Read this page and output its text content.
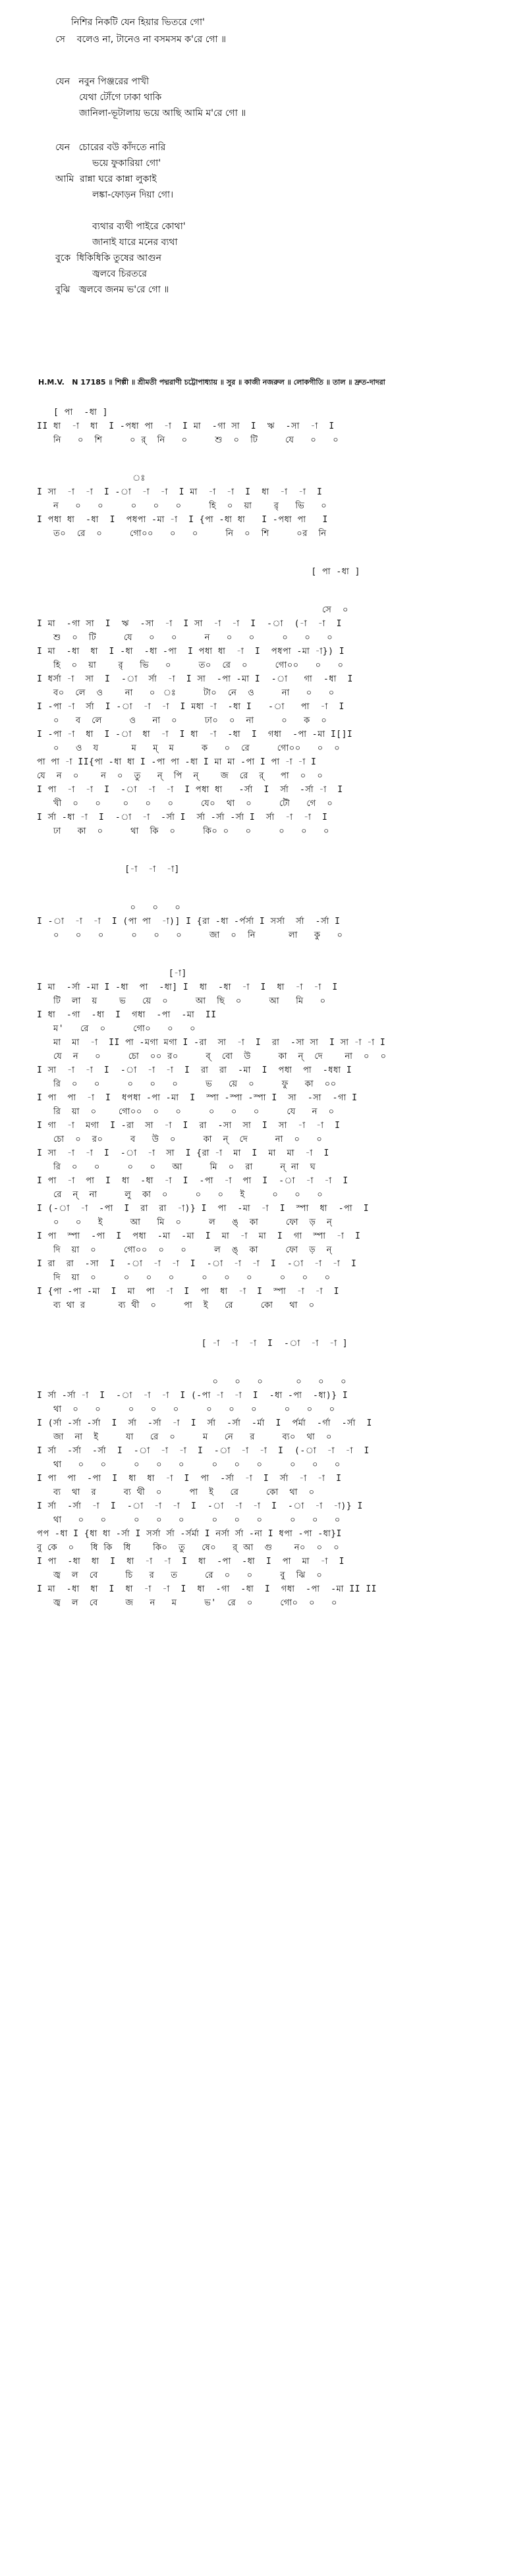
নিশির নিকটি যেন হিয়ার ভিতরে গো'
সে    বলেও না, টানেও না বসমসম ক'রে গো ॥
যেন   নবুন পিঞ্জরের পাখী
যেথা টোঁগে ঢাকা থাকি
জানিলা-ভূটালায় ভয়ে আছি আমি ম'রে গো ॥
যেন   চোরের বউ কাঁদতে নারি
ভয়ে ফুকারিয়া গো'
আমি  রান্না ঘরে কান্না লুকাই
লঙ্কা-ফোড়ন দিয়া গো।
ব্যথার ব্যথী পাইরে কোথা'
জানাই যারে মনের ব্যথা
বুকে  ধিকিধিকি তুষের আগুন
জ্বলবে চিরতরে
বুঝি   জ্বলবে জনম ভ'রে গো ॥
H.M.V.   N 17185 ॥ শিল্পী ॥ শ্রীমতী পদ্মরাণী চট্টোপাধ্যায় ॥ সুর ॥ কাজী নজরুল ॥ লোকগীতি ॥ তাল ॥ দ্রুত-দাদরা
[ পা  -ধা ]
II ধা  -া  ধা  I -পধা পা  -া  I মা  -গা সা  I  ঋ  -সা  -া  I
নি   ০  শি     ০ র্  নি   ০     শু  ০  টি     যে   ০   ০
ঃ
I সা  -া  -া  I -া  -া  -া  I মা  -া  -া  I  ধা  -া  -া  I
ন   ০   ০     ০   ০   ০     হি  ০  য়া    রৃ   ভি   ০
I পধা ধা  -ধা  I  পধপা -মা -া  I {পা -ধা ধা   I -পধা পা   I
ত০  রে  ০     গো০০   ০   ০     নি  ০  শি     ০র  নি
[ পা -ধা ]
সে  ০
I মা  -গা সা  I  ঋ  -সা  -া  I সা  -া  -া  I  -া  (-া  -া  I
শু  ০  টি     যে   ০   ০     ন   ০   ০     ০   ০   ০
I মা  -ধা  ধা  I -ধা  -ধা -পা  I পধা ধা  -া  I  পধপা -মা -া}) I
হি  ০  য়া    রৃ   ভি   ০     ত০  রে  ০     গো০০   ০   ০
I ধর্সা -া  সা  I  -া  র্সা  -া  I সা  -পা -মা I  -া   গা  -ধা  I
ব০  লে  ও    না   ০  ঃ     টা০  নে  ও     না   ০   ০
I -পা -া  র্সা  I -া  -া  -া  I মধা -া  -ধা I   -া   পা  -া  I
০   ব  লে     ও   না  ০     ঢা০  ০  না     ০   ক  ০
I -পা -া  ধা  I -া  ধা  -া  I ধা  -া  -ধা  I  গধা  -পা -মা I[]I
০   ও  য      ম   ম্  ম     ক   ০  রে     গো০০   ০  ০
পা পা -া II{পা -ধা ধা I -পা পা -ধা I মা মা -পা I পা -া -া I
যে  ন  ০    ন  ০  তু   ন্  পি  ন্    জ  রে  র্   পা  ০  ০
I পা  -া  -া  I  -া  -া  -া  I পধা ধা   -র্সা  I  র্সা  -র্সা -া  I
খী  ০   ০    ০   ০   ০     যে০  থা  ০     টৌ   গে  ০
I র্সা -ধা -া  I  -া  -া  -র্সা I  র্সা -র্সা -র্সা I  র্সা  -া  -া  I
ঢা   কা  ০     থা  কি  ০     কি০ ০   ০     ০   ০   ০
[-া  -া  -া]
০   ০   ০
I -া  -া  -া  I (পা পা  -া)] I {রা -ধা -র্পর্সা I সর্সা  র্সা  -র্সা I
০   ০   ০     ০   ০   ০     জা  ০  নি      লা   কু   ০
[-া]
I মা  -র্সা -মা I -ধা  পা  -ধা] I  ধা  -ধা  -া  I  ধা  -া  -া  I
টি  লা  য়    ভ   য়ে  ০     আ  ছি  ০     আ   মি   ০
I ধা  -গা  -ধা  I  গধা  -পা  -মা  II
ম'   রে  ০     গো০   ০   ০
মা  মা  -া  II পা -মগা মগা I -রা  সা  -া  I  রা  -সা সা  I সা -া -া I
যে  ন   ০     চো  ০০ র০     ব্  বো  উ     কা  ন্  দে    না  ০  ০
I সা  -া  -া  I  -া  -া  -া  I  রা  রা  -মা  I  পধা  পা  -ধধা I
রি  ০   ০     ০   ০   ০     ভ   য়ে  ০     ফু   কা  ০০
I পা  পা  -া  I  ধপধা -পা -মা  I  স্পা -স্পা -স্পা I  সা  -সা  -গা I
রি  য়া  ০    গো০০  ০   ০     ০   ০   ০     যে   ন  ০
I গা  -া  মগা  I -রা  সা  -া  I  রা  -সা  সা  I  সা  -া  -া  I
চো  ০  র০     ব   উ  ০     কা  ন্  দে     না  ০   ০
I সা  -া  -া  I  -া  -া  সা  I {রা -া  মা  I  মা  মা  -া  I
রি  ০   ০     ০   ০   আ     মি  ০  রা     ন্ না  ঘ
I পা  -া  পা  I  ধা  -ধা  -া  I  -পা  -া  পা  I  -া  -া  -া  I
রে  ন্  না     লু  কা  ০     ০   ০   ই     ০   ০   ০
I (-া  -া  -পা  I  রা  রা  -া)} I  পা  -মা  -া  I  স্পা  ধা  -পা  I
০   ০   ই     আ   মি  ০     ল   ঙ্  কা     ফো  ড়  ন্
I পা  স্পা  -পা  I  পধা  -মা  -মা  I  মা  -া  মা  I  গা  স্পা  -া  I
দি  য়া  ০     গো০০  ০   ০     ল  ঙ্  কা     ফো  ড়  ন্
I রা  রা  -সা  I  -া  -া  -া  I  -া  -া  -া  I  -া  -া  -া  I
দি  য়া  ০     ০   ০   ০     ০   ০   ০     ০   ০   ০
I {পা -পা -মা  I  মা  পা  -া  I  পা  ধা  -া  I  স্পা  -া  -া  I
ব্য থা র      ব্য থী  ০     পা  ই   রে     কো   থা  ০
[ -া  -া  -া  I  -া  -া  -া ]
০   ০   ০      ০   ০   ০
I র্সা -র্সা -া  I  -া  -া  -া  I (-পা -া  -া  I  -ধা -পা  -ধা)} I
থা  ০   ০     ০   ০   ০     ০   ০   ০     ০   ০   ০
I (র্সা -র্সা -র্সা  I  র্সা  -র্সা  -া  I  র্সা  -র্সা  -র্মা  I  র্পর্মা  -র্গা  -র্সা  I
জা  না  ই     যা   রে  ০     ম   নে   র     ব্য০  থা  ০
I র্সা  -র্সা  -র্সা  I  -া  -া  -া  I  -া  -া  -া  I  (-া  -া  -া  I
থা   ০   ০     ০   ০   ০     ০   ০   ০     ০   ০   ০
I পা  পা  -পা  I  ধা  ধা  -া  I  পা  -র্সা  -া  I  র্সা  -া  -া  I
ব্য  থা  র     ব্য থী  ০     পা  ই   রে     কো  থা  ০
I র্সা  -র্সা  -া  I  -া  -া  -া  I  -া  -া  -া  I  -া  -া  -া)} I
থা   ০   ০     ০   ০   ০     ০   ০   ০     ০   ০   ০
পপ -ধা I {ধা ধা -র্সা I সর্সা র্সা -র্সর্মা I নর্সা র্সা -না I ধপা -পা -ধা}I
বু কে  ০   ধি কি  ধি    কি০  তু   ষে০   র্ আ  গু    ন০  ০  ০
I পা  -ধা  ধা  I  ধা  -া  -া  I  ধা  -পা  -ধা  I  পা  মা  -া  I
জ্ব  ল  বে     চি   র   ত     রে  ০   ০     বু  ঝি  ০
I মা  -ধা  ধা  I  ধা  -া  -া  I  ধা  -গা  -ধা  I  গধা  -পা  -মা II II
জ্ব  ল  বে     জ   ন   ম     ভ'  রে  ০     গো০  ০   ০
